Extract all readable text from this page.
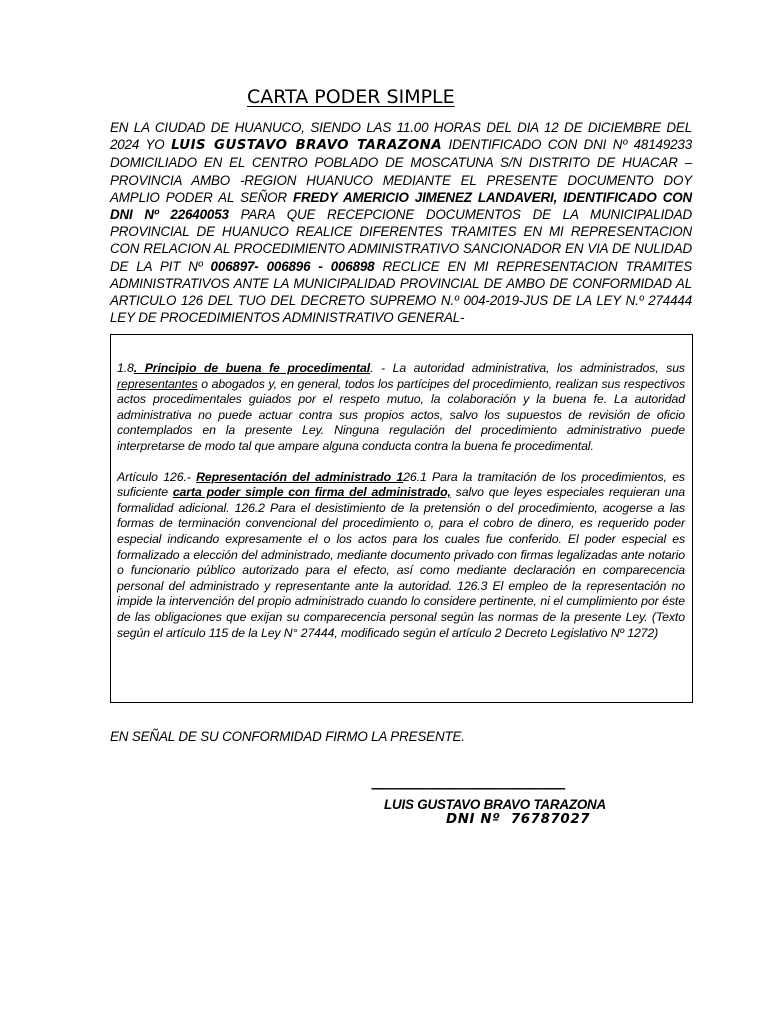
CARTA PODER SIMPLE
EN LA CIUDAD DE HUANUCO, SIENDO LAS 11.00 HORAS DEL DIA 12 DE DICIEMBRE DEL 2024 YO LUIS GUSTAVO BRAVO TARAZONA IDENTIFICADO CON DNI Nº 48149233 DOMICILIADO EN EL CENTRO POBLADO DE MOSCATUNA S/N DISTRITO DE HUACAR – PROVINCIA AMBO -REGION HUANUCO MEDIANTE EL PRESENTE DOCUMENTO DOY AMPLIO PODER AL SEÑOR FREDY AMERICIO JIMENEZ LANDAVERI, IDENTIFICADO CON DNI Nº 22640053 PARA QUE RECEPCIONE DOCUMENTOS DE LA MUNICIPALIDAD PROVINCIAL DE HUANUCO REALICE DIFERENTES TRAMITES EN MI REPRESENTACION CON RELACION AL PROCEDIMIENTO ADMINISTRATIVO SANCIONADOR EN VIA DE NULIDAD DE LA PIT Nº 006897- 006896 - 006898 RECLICE EN MI REPRESENTACION TRAMITES ADMINISTRATIVOS ANTE LA MUNICIPALIDAD PROVINCIAL DE AMBO DE CONFORMIDAD AL ARTICULO 126 DEL TUO DEL DECRETO SUPREMO N.º 004-2019-JUS DE LA LEY N.º 274444 LEY DE PROCEDIMIENTOS ADMINISTRATIVO GENERAL-

1.8. Principio de buena fe procedimental. - La autoridad administrativa, los administrados, sus representantes o abogados y, en general, todos los partícipes del procedimiento, realizan sus respectivos actos procedimentales guiados por el respeto mutuo, la colaboración y la buena fe. La autoridad administrativa no puede actuar contra sus propios actos, salvo los supuestos de revisión de oficio contemplados en la presente Ley. Ninguna regulación del procedimiento administrativo puede interpretarse de modo tal que ampare alguna conducta contra la buena fe procedimental.

Artículo 126.- Representación del administrado 126.1 Para la tramitación de los procedimientos, es suficiente carta poder simple con firma del administrado, salvo que leyes especiales requieran una formalidad adicional. 126.2 Para el desistimiento de la pretensión o del procedimiento, acogerse a las formas de terminación convencional del procedimiento o, para el cobro de dinero, es requerido poder especial indicando expresamente el o los actos para los cuales fue conferido. El poder especial es formalizado a elección del administrado, mediante documento privado con firmas legalizadas ante notario o funcionario público autorizado para el efecto, así como mediante declaración en comparecencia personal del administrado y representante ante la autoridad. 126.3 El empleo de la representación no impide la intervención del propio administrado cuando lo considere pertinente, ni el cumplimiento por éste de las obligaciones que exijan su comparecencia personal según las normas de la presente Ley. (Texto según el artículo 115 de la Ley N° 27444, modificado según el artículo 2 Decreto Legislativo Nº 1272)

EN SEÑAL DE SU CONFORMIDAD FIRMO LA PRESENTE.
--------------------------------------------------------------------
LUIS GUSTAVO BRAVO TARAZONA
DNI Nº  76787027
